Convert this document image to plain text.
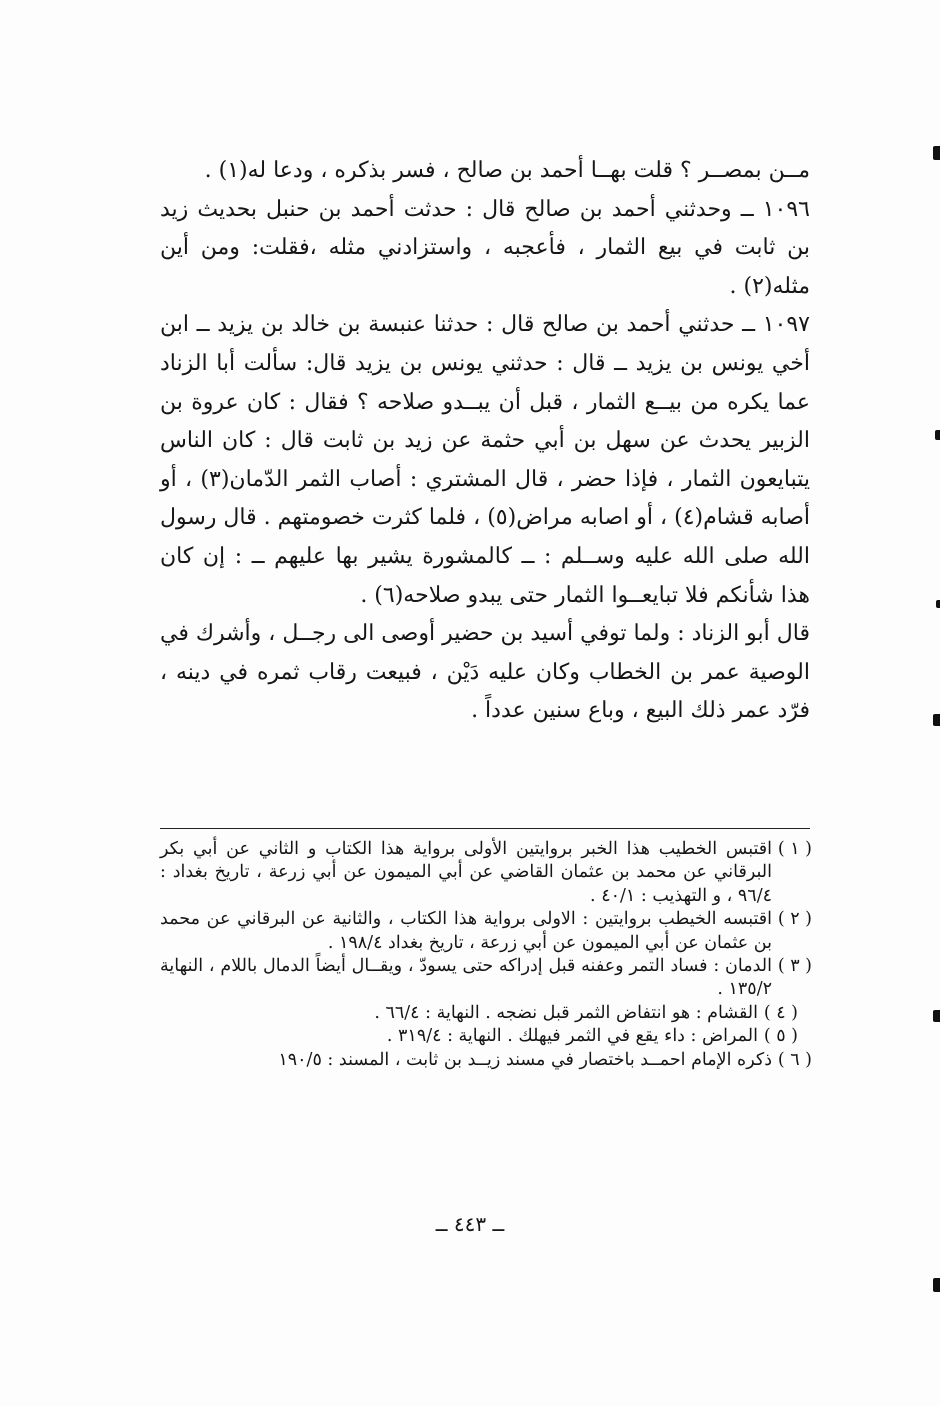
مــن بمصــر ؟ قلت بهــا أحمد بن صالح ، فسر بذكره ، ودعا له(١) .

١٠٩٦ ــ وحدثني أحمد بن صالح قال : حدثت أحمد بن حنبل بحديث زيد بن ثابت في بيع الثمار ، فأعجبه ، واستزادني مثله ،فقلت: ومن أين مثله(٢) .

١٠٩٧ ــ حدثني أحمد بن صالح قال : حدثنا عنبسة بن خالد بن يزيد ــ ابن أخي يونس بن يزيد ــ قال : حدثني يونس بن يزيد قال: سألت أبا الزناد عما يكره من بيــع الثمار ، قبل أن يبــدو صلاحه ؟ فقال : كان عروة بن الزبير يحدث عن سهل بن أبي حثمة عن زيد بن ثابت قال : كان الناس يتبايعون الثمار ، فإذا حضر ، قال المشتري : أصاب الثمر الدّمان(٣) ، أو أصابه قشام(٤) ، أو اصابه مراض(٥) ، فلما كثرت خصومتهم . قال رسول الله صلى الله عليه وســلم : ــ كالمشورة يشير بها عليهم ــ : إن كان هذا شأنكم فلا تبايعــوا الثمار حتى يبدو صلاحه(٦) .

قال أبو الزناد : ولما توفي أسيد بن حضير أوصى الى رجــل ، وأشرك في الوصية عمر بن الخطاب وكان عليه دَيْن ، فبيعت رقاب ثمره في دينه ، فرّد عمر ذلك البيع ، وباع سنين عدداً .

( ١ )
اقتبس الخطيب هذا الخبر بروايتين الأولى برواية هذا الكتاب و الثاني عن أبي بكر البرقاني عن محمد بن عثمان القاضي عن أبي الميمون عن أبي زرعة ، تاريخ بغداد : ٩٦/٤ ، و التهذيب : ٤٠/١ .
( ٢ )
اقتبسه الخيطب بروايتين : الاولى برواية هذا الكتاب ، والثانية عن البرقاني عن محمد بن عثمان عن أبي الميمون عن أبي زرعة ، تاريخ بغداد ١٩٨/٤ .
( ٣ )
الدمان : فساد التمر وعفنه قبل إدراكه حتى يسودّ ، ويقــال أيضاً الدمال باللام ، النهاية ١٣٥/٢ .
( ٤ )
القشام : هو انتفاض الثمر قبل نضجه . النهاية : ٦٦/٤ .
( ٥ )
المراض : داء يقع في الثمر فيهلك . النهاية : ٣١٩/٤ .
( ٦ )
ذكره الإمام احمــد باختصار في مسند زيــد بن ثابت ، المسند : ١٩٠/٥
ــ ٤٤٣ ــ
